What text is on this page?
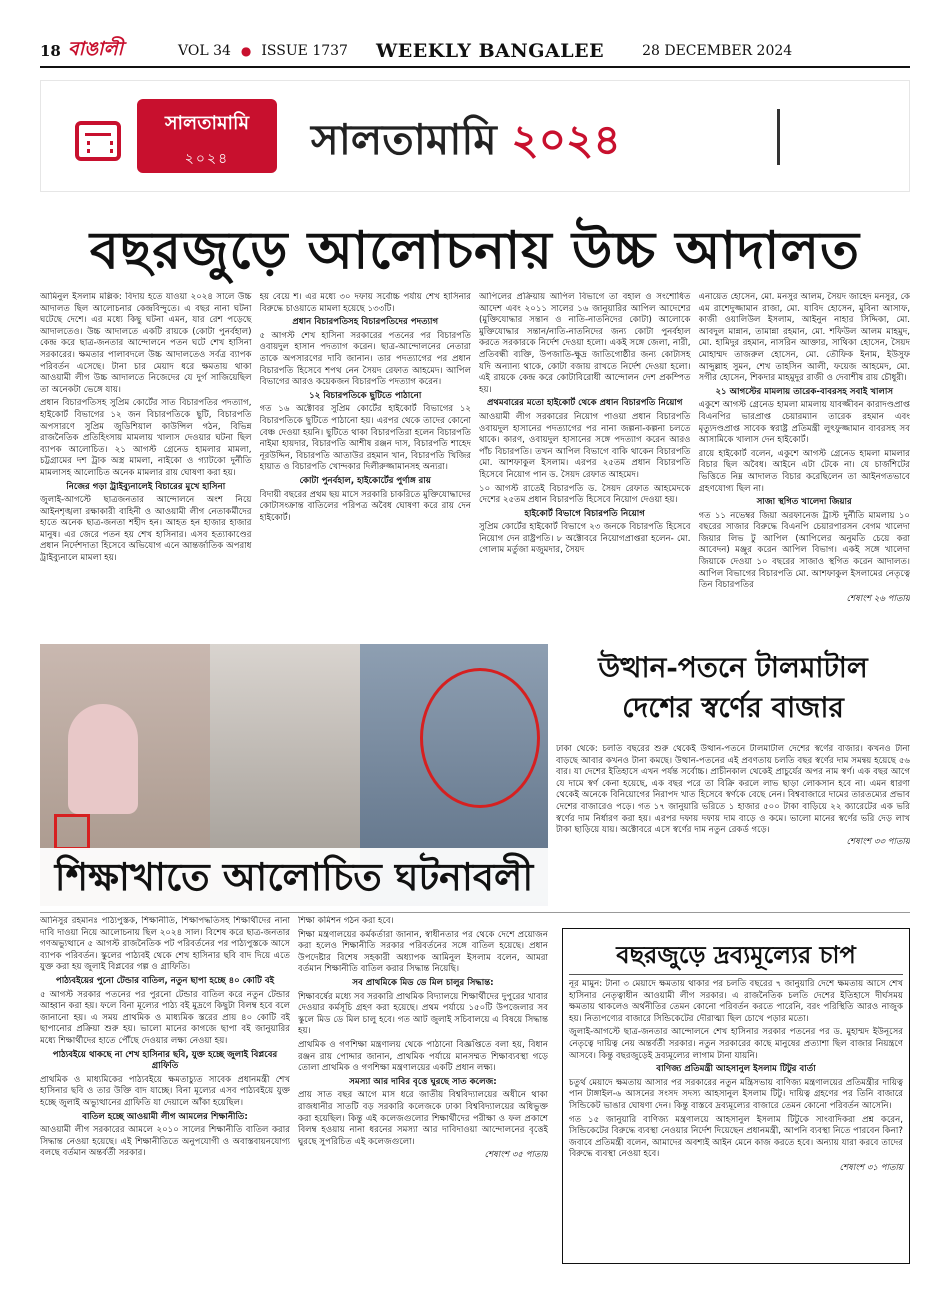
18 বাঙালী	VOL 34 ● ISSUE 1737 WEEKLY BANGALEE	28 DECEMBER 2024
সালতামামি
২০২৪	সালতামামি ২০২৪
বছরজুড়ে আলোচনায় উচ্চ আদালত

আমিনুল ইসলাম মল্লিক: বিদায় হতে যাওয়া ২০২৪ সালে উচ্চ আদালত ছিল আলোচনার কেন্দ্রবিন্দুতে। এ বছর নানা ঘটনা ঘটেছে দেশে। এর মধ্যে কিছু ঘটনা এমন, যার রেশ পড়েছে আদালতেও। উচ্চ আদালতে একটি রায়কে (কোটা পুনর্বহাল) কেন্দ্র করে ছাত্র-জনতার আন্দোলনে পতন ঘটে শেখ হাসিনা সরকারের। ক্ষমতার পালাবদলে উচ্চ আদালতেও সর্বত্র ব্যাপক পরিবর্তন এসেছে। টানা চার মেয়াদ ধরে ক্ষমতায় থাকা আওয়ামী লীগ উচ্চ আদালতে নিজেদের যে দুর্গ সাজিয়েছিল তা অনেকটা ভেঙ্গে যায়।

প্রধান বিচারপতিসহ সুপ্রিম কোর্টের সাত বিচারপতির পদত্যাগ, হাইকোর্ট বিভাগের ১২ জন বিচারপতিকে ছুটি, বিচারপতি অপসারণে সুপ্রিম জুডিশিয়াল কাউন্সিল গঠন, বিভিন্ন রাজনৈতিক প্রতিহিংসায় মামলায় খালাস দেওয়ার ঘটনা ছিল ব্যাপক আলোচিত। ২১ আগস্ট গ্রেনেড হামলার মামলা, চট্টগ্রামের দশ ট্রাক অস্ত্র মামলা, নাইকো ও গ্যাটকো দুর্নীতি মামলাসহ আলোচিত অনেক মামলার রায় ঘোষণা করা হয়।

নিজের গড়া ট্রাইব্যুনালেই বিচারের মুখে হাসিনা

জুলাই-আগস্টে ছাত্রজনতার আন্দোলনে অংশ নিয়ে আইনশৃঙ্খলা রক্ষাকারী বাহিনী ও আওয়ামী লীগ নেতাকর্মীদের হাতে অনেক ছাত্র-জনতা শহীদ হন। আহত হন হাজার হাজার মানুষ। এর জেরে পতন হয় শেখ হাসিনার। এসব হত্যাকাণ্ডের প্রধান নির্দেশদাতা হিসেবে অভিযোগ এনে আন্তর্জাতিক অপরাধ ট্রাইব্যুনালে মামলা হয়।

হয় বেয়ে শ। এর মধ্যে ৩০ দফায় সর্বোচ্চ পর্যায় শেখ হাসিনার বিরুদ্ধে চাওয়াতে মামলা হয়েছে ১৩৩টি।

প্রধান বিচারপতিসহ বিচারপতিদের পদত্যাগ

৫ আগস্ট শেখ হাসিনা সরকারের পতনের পর বিচারপতি ওবায়দুল হাসান পদত্যাগ করেন। ছাত্র-আন্দোলনের নেতারা তাকে অপসারণের দাবি জানান। তার পদত্যাগের পর প্রধান বিচারপতি হিসেবে শপথ নেন সৈয়দ রেফাত আহমেদ। আপিল বিভাগের আরও কয়েকজন বিচারপতি পদত্যাগ করেন।

১২ বিচারপতিকে ছুটিতে পাঠানো

গত ১৬ অক্টোবর সুপ্রিম কোর্টের হাইকোর্ট বিভাগের ১২ বিচারপতিকে ছুটিতে পাঠানো হয়। এরপর থেকে তাদের কোনো বেঞ্চ দেওয়া হয়নি। ছুটিতে থাকা বিচারপতিরা হলেন বিচারপতি নাইমা হায়দার, বিচারপতি আশীষ রঞ্জন দাস, বিচারপতি শাহেদ নূরউদ্দিন, বিচারপতি আতাউর রহমান খান, বিচারপতি খিজির হায়াত ও বিচারপতি খোন্দকার দিলীরুজ্জামানসহ অন্যরা।

কোটা পুনর্বহাল, হাইকোর্টের পুর্ণাঙ্গ রায়

বিদায়ী বছরের প্রথম ছয় মাসে সরকারি চাকরিতে মুক্তিযোদ্ধাদের কোটাসংক্রান্ত বাতিলের পরিপত্র অবৈধ ঘোষণা করে রায় দেন হাইকোর্ট।

আপিলের প্রক্রিয়ায় আপিল বিভাগে তা বহাল ও সংশোধিত আদেশ এবং ২০১১ সালের ১৬ জানুয়ারির আপিল আদেশের (মুক্তিযোদ্ধার সন্তান ও নাতি-নাতনিদের কোটা) আলোকে মুক্তিযোদ্ধার সন্তান/নাতি-নাতনিদের জন্য কোটা পুনর্বহাল করতে সরকারকে নির্দেশ দেওয়া হলো। একই সঙ্গে জেলা, নারী, প্রতিবন্ধী ব্যক্তি, উপজাতি-ক্ষুদ্র জাতিগোষ্ঠীর জন্য কোটাসহ যদি অন্যান্য থাকে, কোটা বজায় রাখতে নির্দেশ দেওয়া হলো। এই রায়কে কেন্দ্র করে কোটাবিরোধী আন্দোলন দেশ প্রকম্পিত হয়।

প্রথমবারের মতো হাইকোর্ট থেকে প্রধান বিচারপতি নিয়োগ

আওয়ামী লীগ সরকারের নিয়োগ পাওয়া প্রধান বিচারপতি ওবায়দুল হাসানের পদত্যাগের পর নানা জল্পনা-কল্পনা চলতে থাকে। কারণ, ওবায়দুল হাসানের সঙ্গে পদত্যাগ করেন আরও পাঁচ বিচারপতি। তখন আপিল বিভাগে বাকি থাকেন বিচারপতি মো. আশফাকুল ইসলাম। এরপর ২৫তম প্রধান বিচারপতি হিসেবে নিয়োগ পান ড. সৈয়দ রেফাত আহমেদ।

১০ আগস্ট রাতেই বিচারপতি ড. সৈয়দ রেফাত আহমেদকে দেশের ২৫তম প্রধান বিচারপতি হিসেবে নিয়োগ দেওয়া হয়।

হাইকোর্ট বিভাগে বিচারপতি নিয়োগ

সুপ্রিম কোর্টের হাইকোর্ট বিভাগে ২৩ জনকে বিচারপতি হিসেবে নিয়োগ দেন রাষ্ট্রপতি। ৮ অক্টোবরে নিয়োগপ্রাপ্তরা হলেন- মো. গোলাম মর্তুজা মজুমদার, সৈয়দ

এনায়েত হোসেন, মো. মনসুর আলম, সৈয়দ জাহেদ মনসুর, কে এম রাশেদুজ্জামান রাজা, মো. যাবিদ হোসেন, মুবিনা আসাফ, কাজী ওয়ালিউল ইসলাম, আইনুন নাহার সিদ্দিকা, মো. আবদুল মান্নান, তামান্না রহমান, মো. শফিউল আলম মাহমুদ, মো. হামিদুর রহমান, নাসরিন আক্তার, সাথিকা হোসেন, সৈয়দ মোহাম্মদ তাজরুল হোসেন, মো. তৌফিক ইনাম, ইউসুফ আব্দুল্লাহ সুমন, শেখ তাহসিন আলী, ফয়েজ আহমেদ, মো. সগীর হোসেন, শিকদার মাহমুদুর রাজী ও দেবাশীষ রায় চৌধুরী।

২১ আগস্টের মামলায় তারেক-বাবরসহ সবাই খালাস

একুশে আগস্ট গ্রেনেড হামলা মামলায় যাবজ্জীবন কারাদণ্ডপ্রাপ্ত বিএনপির ভারপ্রাপ্ত চেয়ারম্যান তারেক রহমান এবং মৃত্যুদণ্ডপ্রাপ্ত সাবেক স্বরাষ্ট্র প্রতিমন্ত্রী লুৎফুজ্জামান বাবরসহ সব আসামিকে খালাস দেন হাইকোর্ট।

রায়ে হাইকোর্ট বলেন, একুশে আগস্ট গ্রেনেড হামলা মামলার বিচার ছিল অবৈধ। আইনে এটা টেকে না। যে চার্জশিটের ভিত্তিতে নিম্ন আদালত বিচার করেছিলেন তা আইনগতভাবে গ্রহণযোগ্য ছিল না।

সাজা স্থগিত খালেদা জিয়ার

গত ১১ নভেম্বর জিয়া অরফানেজ ট্রাস্ট দুর্নীতি মামলায় ১০ বছরের সাজার বিরুদ্ধে বিএনপি চেয়ারপারসন বেগম খালেদা জিয়ার লিভ টু আপিল (আপিলের অনুমতি চেয়ে করা আবেদন) মঞ্জুর করেন আপিল বিভাগ। একই সঙ্গে খালেদা জিয়াকে দেওয়া ১০ বছরের সাজাও স্থগিত করেন আদালত। আপিল বিভাগের বিচারপতি মো. আশফাকুল ইসলামের নেতৃত্বে তিন বিচারপতির

শেষাংশ ২৬ পাতায়

শিক্ষাখাতে আলোচিত ঘটনাবলী
উত্থান-পতনে টালমাটাল
দেশের স্বর্ণের বাজার

ঢাকা থেকে: চলতি বছরের শুরু থেকেই উত্থান-পতনে টালমাটাল দেশের স্বর্ণের বাজার। কখনও টানা বাড়ছে আবার কখনও টানা কমছে। উত্থান-পতনের এই প্রবণতায় চলতি বছর স্বর্ণের দাম সমন্বয় হয়েছে ৫৬ বার। যা দেশের ইতিহাসে এখন পর্যন্ত সর্বোচ্চ। প্রাচীনকাল থেকেই প্রাচুর্যের অপর নাম স্বর্ণ। এক বছর আগে যে দামে স্বর্ণ কেনা হয়েছে, এক বছর পরে তা বিক্রি করলে লাভ ছাড়া লোকসান হবে না। এমন ধারণা থেকেই অনেকে বিনিয়োগের নিরাপদ খাত হিসেবে স্বর্ণকে বেছে নেন। বিশ্ববাজারে দামের তারতম্যের প্রভাব দেশের বাজারেও পড়ে। গত ১৭ জানুয়ারি ভরিতে ১ হাজার ৫০০ টাকা বাড়িয়ে ২২ ক্যারেটের এক ভরি স্বর্ণের দাম নির্ধারণ করা হয়। এরপর দফায় দফায় দাম বাড়ে ও কমে। ভালো মানের স্বর্ণের ভরি দেড় লাখ টাকা ছাড়িয়ে যায়। অক্টোবরে এসে স্বর্ণের দাম নতুন রেকর্ড গড়ে।

শেষাংশ ৩৩ পাতায়

আনিসুর রহমানঃ পাঠ্যপুস্তক, শিক্ষানীতি, শিক্ষাপদ্ধতিসহ শিক্ষার্থীদের নানা দাবি দাওয়া নিয়ে আলোচনায় ছিল ২০২৪ সাল। বিশেষ করে ছাত্র-জনতার গণঅভ্যুত্থানে ৫ আগস্ট রাজনৈতিক পট পরিবর্তনের পর পাঠ্যপুস্তকে আসে ব্যাপক পরিবর্তন। স্কুলের পাঠ্যবই থেকে শেখ হাসিনার ছবি বাদ দিয়ে এতে যুক্ত করা হয় জুলাই বিপ্লবের গল্প ও গ্রাফিতি।

পাঠ্যবইয়ের পুনো টেন্ডার বাতিল, নতুন ছাপা হচ্ছে ৪০ কোটি বই

৫ আগস্ট সরকার পতনের পর পুরনো টেন্ডার বাতিল করে নতুন টেন্ডার আহ্বান করা হয়। ফলে বিনা মূল্যের পাঠ্য বই মুদ্রণে কিছুটা বিলম্ব হবে বলে জানানো হয়। এ সময় প্রাথমিক ও মাধ্যমিক স্তরের প্রায় ৪০ কোটি বই ছাপানোর প্রক্রিয়া শুরু হয়। ভালো মানের কাগজে ছাপা বই জানুয়ারির মধ্যে শিক্ষার্থীদের হাতে পৌঁছে দেওয়ার লক্ষ্য নেওয়া হয়।

পাঠ্যবইয়ে থাকছে না শেখ হাসিনার ছবি, যুক্ত হচ্ছে জুলাই বিপ্লবের গ্রাফিতি

প্রাথমিক ও মাধ্যমিকের পাঠ্যবইয়ে ক্ষমতাচ্যুত সাবেক প্রধানমন্ত্রী শেখ হাসিনার ছবি ও তার উক্তি বাদ যাচ্ছে। বিনা মূল্যের এসব পাঠ্যবইয়ে যুক্ত হচ্ছে জুলাই অভ্যুত্থানের গ্রাফিতি যা দেয়ালে আঁকা হয়েছিল।

বাতিল হচ্ছে আওয়ামী লীগ আমলের শিক্ষানীতি:

আওয়ামী লীগ সরকারের আমলে ২০১০ সালের শিক্ষানীতি বাতিল করার সিদ্ধান্ত নেওয়া হয়েছে। এই শিক্ষানীতিতে অনুপযোগী ও অবাস্তবায়নযোগ্য বলছে বর্তমান অন্তর্বর্তী সরকার।

শিক্ষা কমিশন গঠন করা হবে।

শিক্ষা মন্ত্রণালয়ের কর্মকর্তারা জানান, স্বাধীনতার পর থেকে দেশে প্রয়োজন করা হলেও শিক্ষানীতি সরকার পরিবর্তনের সঙ্গে বাতিল হয়েছে। প্রধান উপদেষ্টার বিশেষ সহকারী অধ্যাপক আমিনুল ইসলাম বলেন, আমরা বর্তমান শিক্ষানীতি বাতিল করার সিদ্ধান্ত নিয়েছি।

সব প্রাথমিকে মিড ডে মিল চালুর সিদ্ধান্ত:

শিক্ষাবর্ষের মধ্যে সব সরকারি প্রাথমিক বিদ্যালয়ে শিক্ষার্থীদের দুপুরের খাবার দেওয়ার কর্মসূচি গ্রহণ করা হয়েছে। প্রথম পর্যায়ে ১৫০টি উপজেলার সব স্কুলে মিড ডে মিল চালু হবে। গত আট জুলাই সচিবালয়ে এ বিষয়ে সিদ্ধান্ত হয়।

প্রাথমিক ও গণশিক্ষা মন্ত্রণালয় থেকে পাঠানো বিজ্ঞপ্তিতে বলা হয়, বিধান রঞ্জন রায় পোদ্দার জানান, প্রাথমিক পর্যায়ে মানসম্মত শিক্ষাব্যবস্থা গড়ে তোলা প্রাথমিক ও গণশিক্ষা মন্ত্রণালয়ের একটি প্রধান লক্ষ্য।

সমস্যা আর দাবির বৃত্তে ঘুরছে সাত কলেজ:

প্রায় সাত বছর আগে মাস ধরে জাতীয় বিশ্ববিদ্যালয়ের অধীনে থাকা রাজধানীর সাতটি বড় সরকারি কলেজকে ঢাকা বিশ্ববিদ্যালয়ের অধিভুক্ত করা হয়েছিল। কিন্তু এই কলেজগুলোর শিক্ষার্থীদের পরীক্ষা ও ফল প্রকাশে বিলম্ব হওয়ায় নানা ধরনের সমস্যা আর দাবিদাওয়া আন্দোলনের বৃত্তেই ঘুরছে সুপরিচিত এই কলেজগুলো।

শেষাংশ ৩৫ পাতায়

বছরজুড়ে দ্রব্যমূল্যের চাপ

নূর মামুন: টানা ৩ মেয়াদে ক্ষমতায় থাকার পর চলতি বছরের ৭ জানুয়ারি দেশে ক্ষমতায় আসে শেখ হাসিনার নেতৃত্বাধীন আওয়ামী লীগ সরকার। এ রাজনৈতিক চলতি দেশের ইতিহাসে দীর্ঘসময় ক্ষমতায় থাকলেও অর্থনীতির তেমন কোনো পরিবর্তন করতে পারেনি, বরং পরিস্থিতি আরও নাজুক হয়। নিত্যপণ্যের বাজারে সিন্ডিকেটের দৌরাত্ম্য ছিল চোখে পড়ার মতো।

জুলাই-আগস্টে ছাত্র-জনতার আন্দোলনে শেখ হাসিনার সরকার পতনের পর ড. মুহাম্মদ ইউনূসের নেতৃত্বে দায়িত্ব নেয় অন্তর্বর্তী সরকার। নতুন সরকারের কাছে মানুষের প্রত্যাশা ছিল বাজার নিয়ন্ত্রণে আসবে। কিন্তু বছরজুড়েই দ্রব্যমূল্যের লাগাম টানা যায়নি।

বাণিজ্য প্রতিমন্ত্রী আহসানুল ইসলাম টিটুর বার্তা

চতুর্থ মেয়াদে ক্ষমতায় আসার পর সরকারের নতুন মন্ত্রিসভায় বাণিজ্য মন্ত্রণালয়ের প্রতিমন্ত্রীর দায়িত্ব পান টাঙ্গাইল-৬ আসনের সংসদ সদস্য আহসানুল ইসলাম টিটু। দায়িত্ব গ্রহণের পর তিনি বাজারে সিন্ডিকেট ভাঙার ঘোষণা দেন। কিন্তু বাস্তবে দ্রব্যমূল্যের বাজারে তেমন কোনো পরিবর্তন আসেনি।

গত ১৫ জানুয়ারি বাণিজ্য মন্ত্রণালয়ে আহসানুল ইসলাম টিটুকে সাংবাদিকরা প্রশ্ন করেন, সিন্ডিকেটের বিরুদ্ধে ব্যবস্থা নেওয়ার নির্দেশ দিয়েছেন প্রধানমন্ত্রী, আপনি ব্যবস্থা নিতে পারবেন কিনা? জবাবে প্রতিমন্ত্রী বলেন, আমাদের অবশ্যই আইন মেনে কাজ করতে হবে। অন্যায় যারা করবে তাদের বিরুদ্ধে ব্যবস্থা নেওয়া হবে।

শেষাংশ ৩১ পাতায়
